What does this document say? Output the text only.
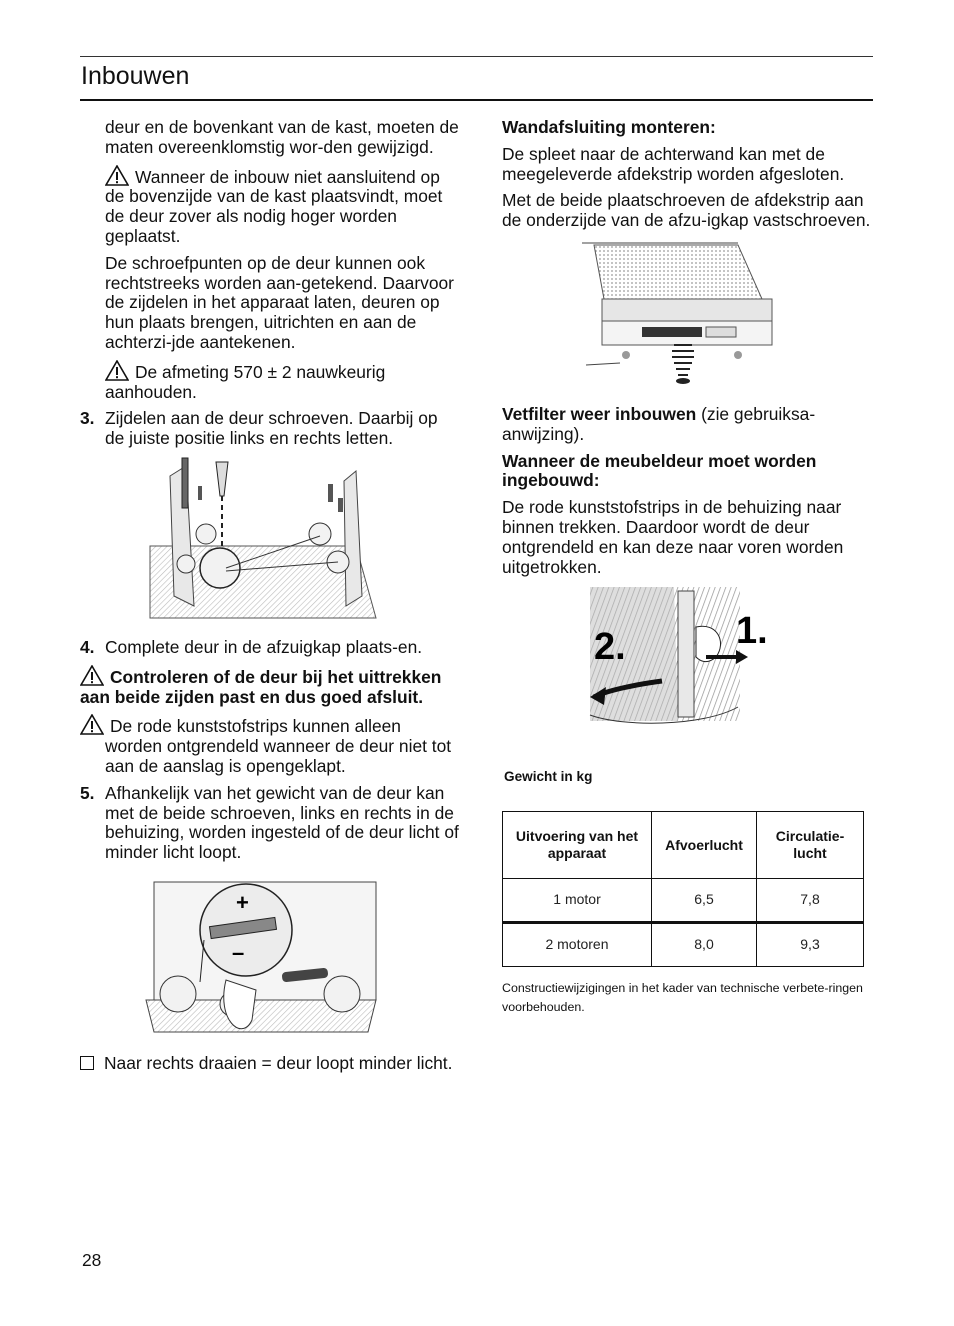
Inbouwen

deur en de bovenkant van de kast, moeten de maten overeenklomstig wor-den gewijzigd.

Wanneer de inbouw niet aansluitend op de bovenzijde van de kast plaatsvindt, moet de deur zover als nodig hoger worden geplaatst.

De schroefpunten op de deur kunnen ook rechtstreeks worden aan-getekend. Daarvoor de zijdelen in het apparaat laten, deuren op hun plaats brengen, uitrichten en aan de achterzi-jde aantekenen.

De afmeting 570 ± 2 nauwkeurig aanhouden.

3. Zijdelen aan de deur schroeven. Daarbij op de juiste positie links en rechts letten.
4. Complete deur in de afzuigkap plaats-en.

Controleren of de deur bij het uittrekken aan beide zijden past en dus goed afsluit.

De rode kunststofstrips kunnen alleen worden ontgrendeld wanneer de deur niet tot aan de aanslag is opengeklapt.

5. Afhankelijk van het gewicht van de deur kan met de beide schroeven, links en rechts in de behuizing, worden ingesteld of de deur licht of minder licht loopt.
+
–

Naar rechts draaien = deur loopt minder licht.

Wandafsluiting monteren:

De spleet naar de achterwand kan met de meegeleverde afdekstrip worden afgesloten.

Met de beide plaatschroeven de afdekstrip aan de onderzijde van de afzu-igkap vastschroeven.

Vetfilter weer inbouwen (zie gebruiksa-anwijzing).

Wanneer de meubeldeur moet worden ingebouwd:

De rode kunststofstrips in de behuizing naar binnen trekken. Daardoor wordt de deur ontgrendeld en kan deze naar voren worden uitgetrokken.

2.	1.

Gewicht in kg

Uitvoering van het apparaat	Afvoerlucht	Circulatie-lucht
1 motor	6,5	7,8
2 motoren	8,0	9,3

Constructiewijzigingen in het kader van technische verbete-ringen voorbehouden.

28
